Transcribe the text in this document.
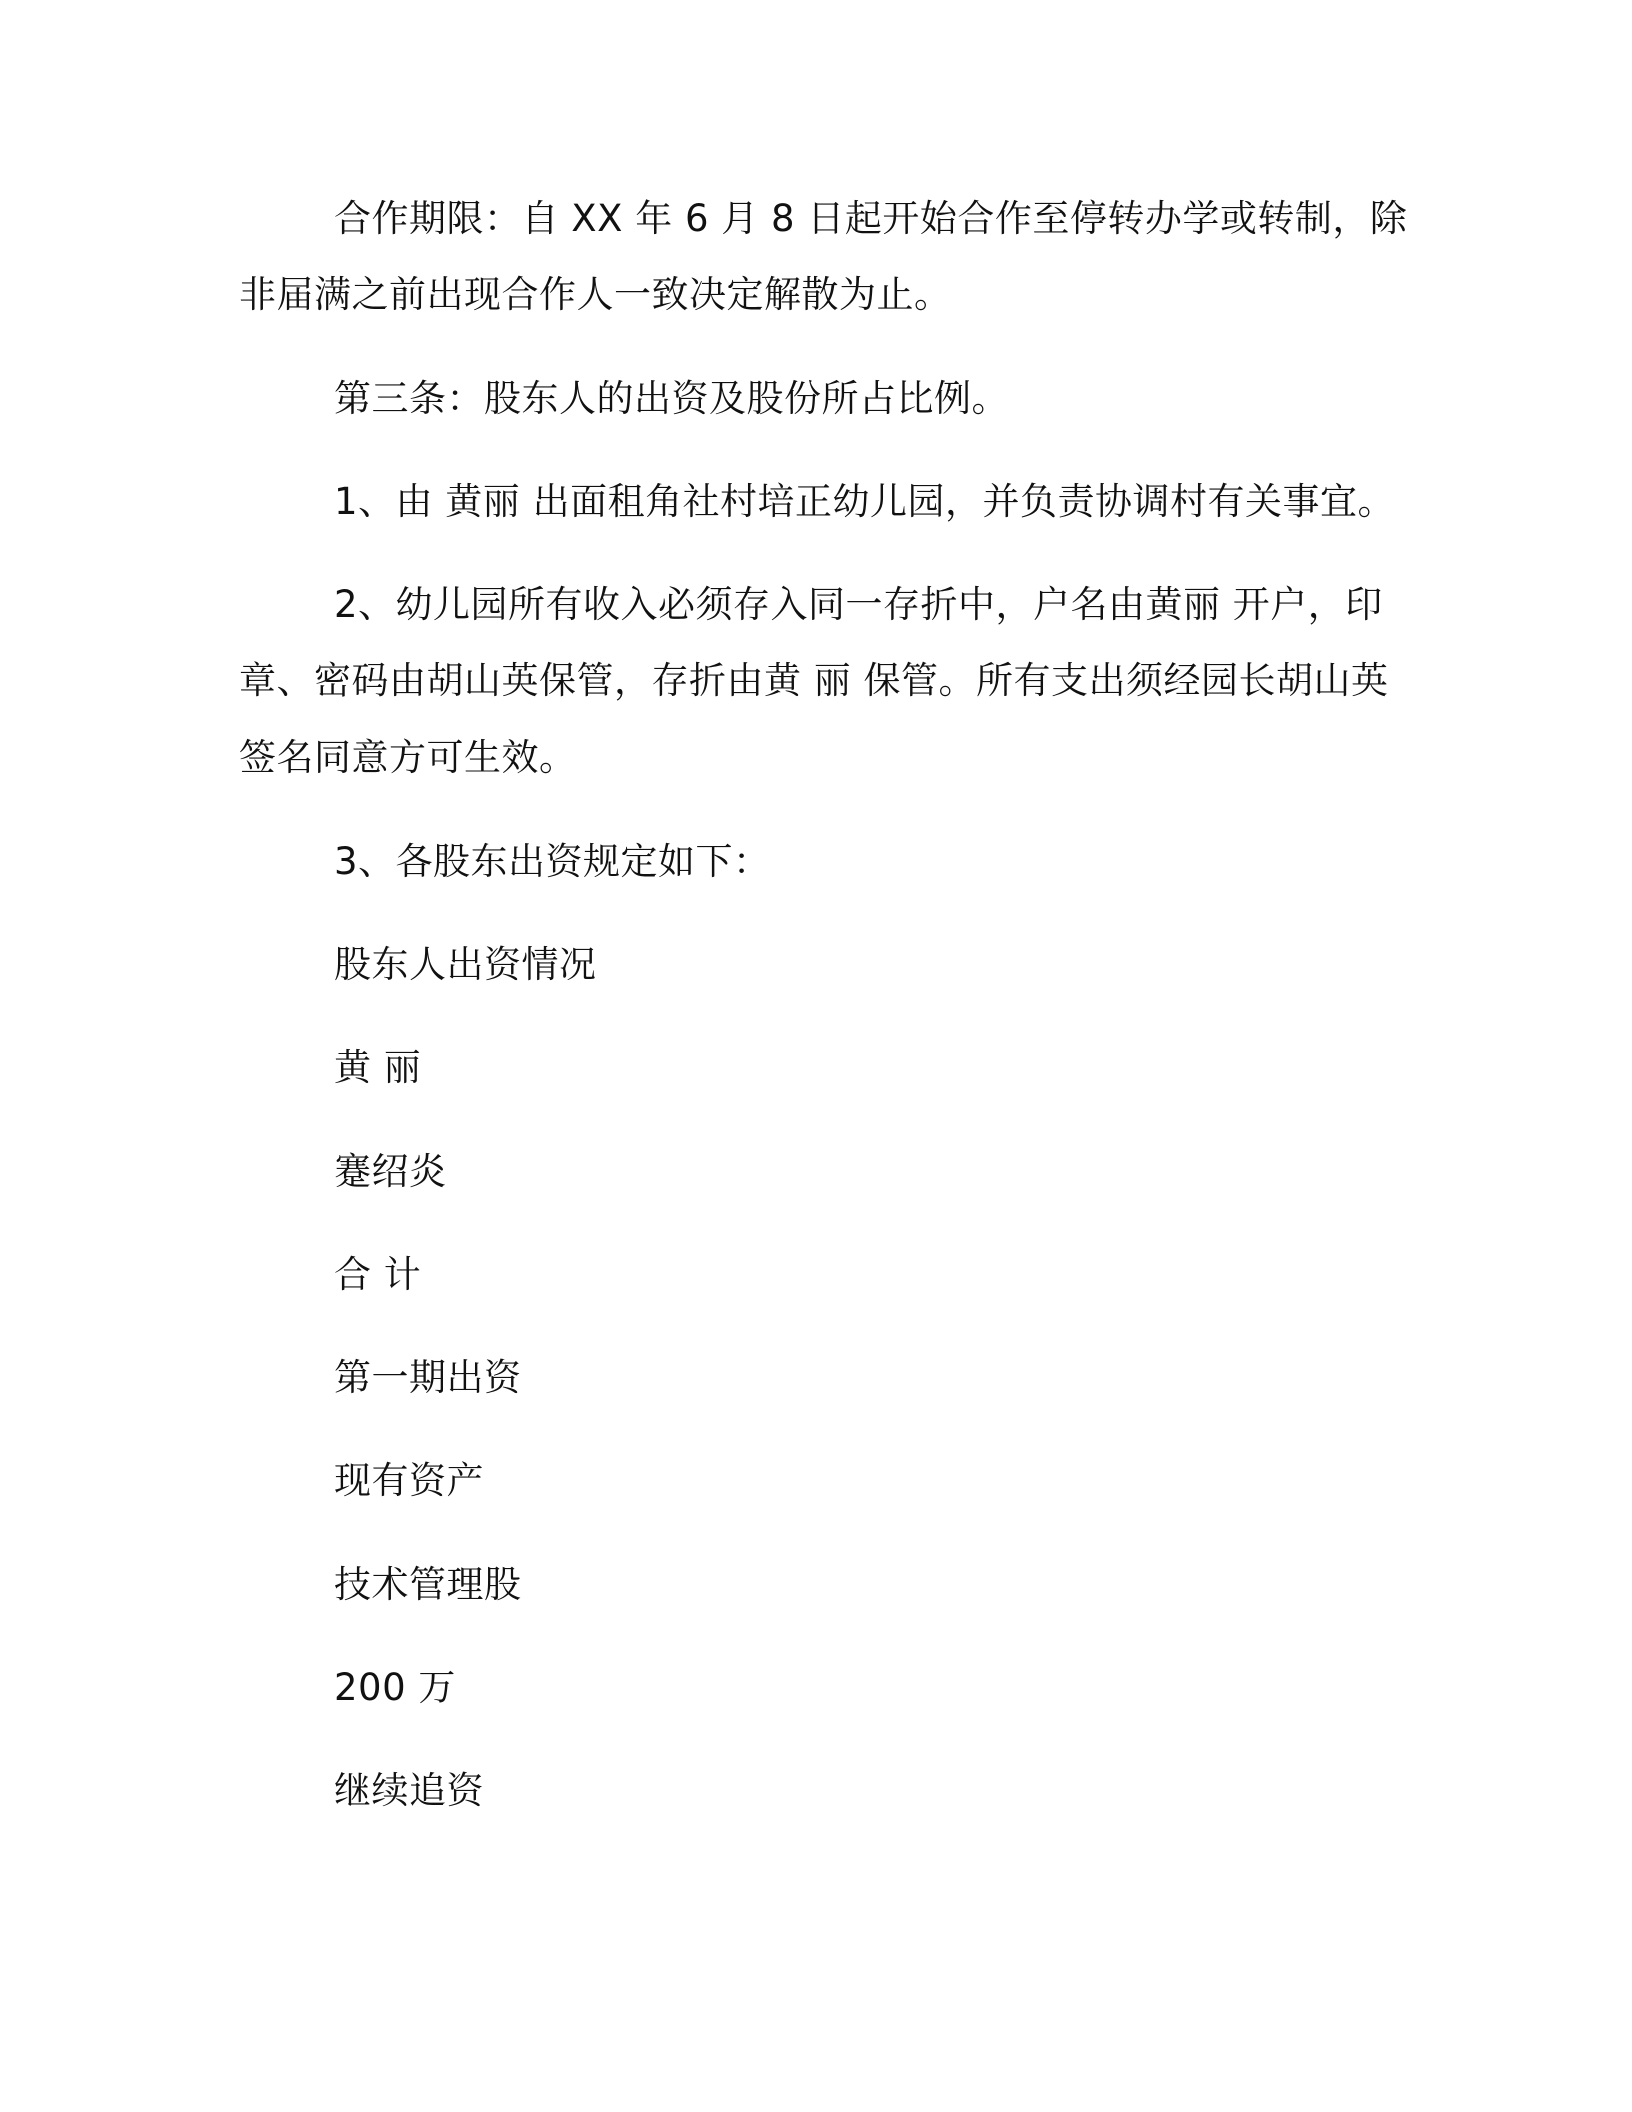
合作期限：自 XX 年 6 月 8 日起开始合作至停转办学或转制，除
非届满之前出现合作人一致决定解散为止。
第三条：股东人的出资及股份所占比例。
1、由 黄丽 出面租角社村培正幼儿园，并负责协调村有关事宜。
2、幼儿园所有收入必须存入同一存折中，户名由黄丽 开户，印
章、密码由胡山英保管，存折由黄 丽 保管。所有支出须经园长胡山英
签名同意方可生效。
3、各股东出资规定如下：
股东人出资情况
黄 丽
蹇绍炎
合 计
第一期出资
现有资产
技术管理股
200 万
继续追资
